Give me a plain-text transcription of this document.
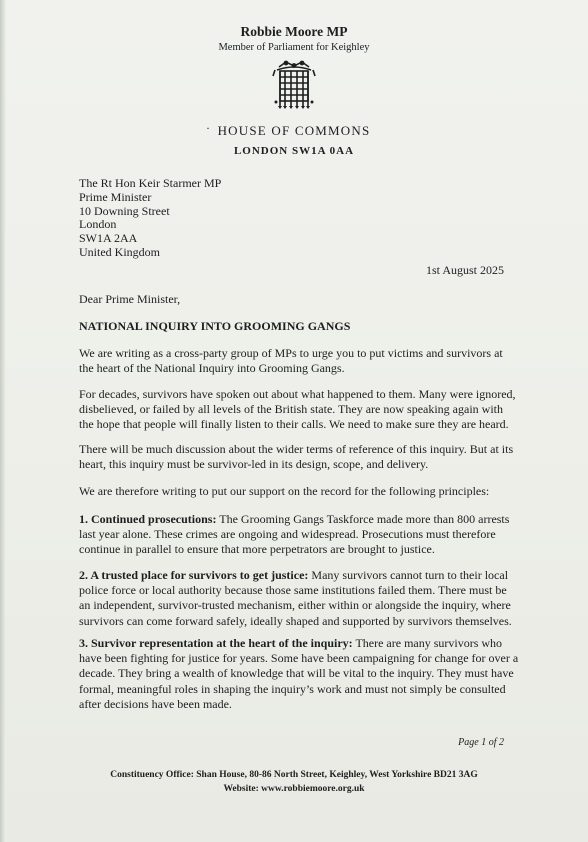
Robbie Moore MP
Member of Parliament for Keighley
· HOUSE OF COMMONS
LONDON SW1A 0AA
The Rt Hon Keir Starmer MP
Prime Minister
10 Downing Street
London
SW1A 2AA
United Kingdom
1st August 2025
Dear Prime Minister,
NATIONAL INQUIRY INTO GROOMING GANGS

We are writing as a cross-party group of MPs to urge you to put victims and survivors at the heart of the National Inquiry into Grooming Gangs.

For decades, survivors have spoken out about what happened to them. Many were ignored, disbelieved, or failed by all levels of the British state. They are now speaking again with the hope that people will finally listen to their calls. We need to make sure they are heard.

There will be much discussion about the wider terms of reference of this inquiry. But at its heart, this inquiry must be survivor-led in its design, scope, and delivery.

We are therefore writing to put our support on the record for the following principles:

1. Continued prosecutions: The Grooming Gangs Taskforce made more than 800 arrests last year alone. These crimes are ongoing and widespread. Prosecutions must therefore continue in parallel to ensure that more perpetrators are brought to justice.

2. A trusted place for survivors to get justice: Many survivors cannot turn to their local police force or local authority because those same institutions failed them. There must be an independent, survivor-trusted mechanism, either within or alongside the inquiry, where survivors can come forward safely, ideally shaped and supported by survivors themselves.

3. Survivor representation at the heart of the inquiry: There are many survivors who have been fighting for justice for years. Some have been campaigning for change for over a decade. They bring a wealth of knowledge that will be vital to the inquiry. They must have formal, meaningful roles in shaping the inquiry’s work and must not simply be consulted after decisions have been made.

Page 1 of 2
Constituency Office: Shan House, 80-86 North Street, Keighley, West Yorkshire BD21 3AG
Website: www.robbiemoore.org.uk
